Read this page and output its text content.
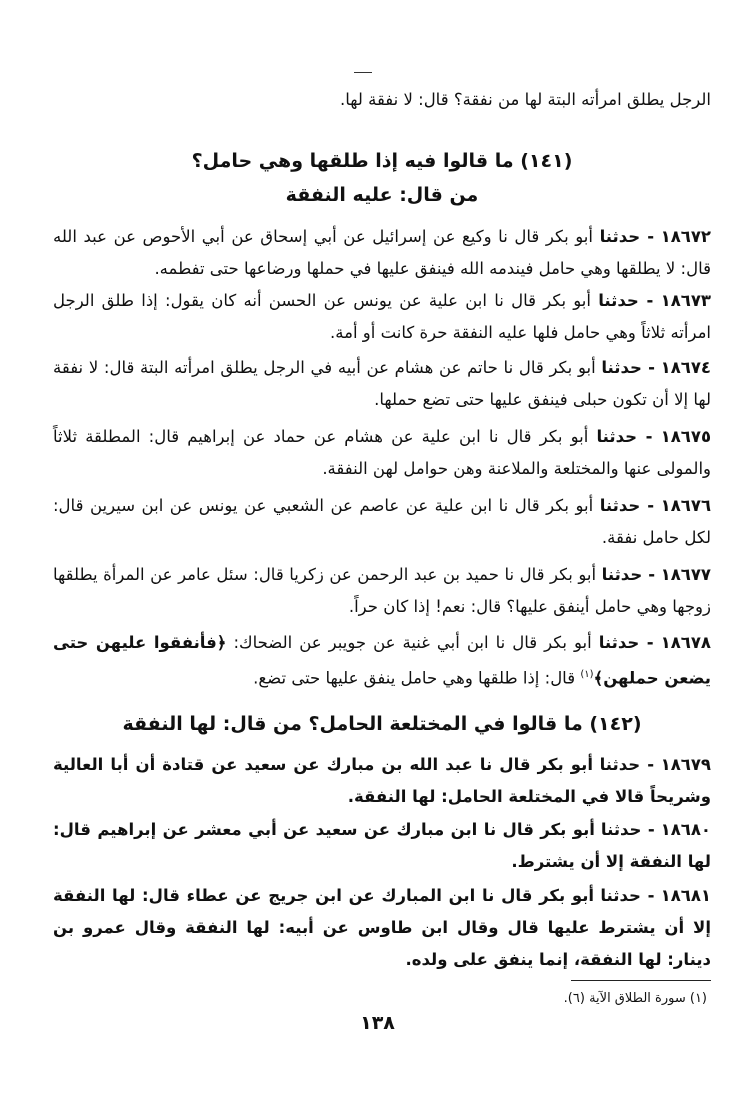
الرجل يطلق امرأته البتة لها من نفقة؟ قال: لا نفقة لها.
(١٤١) ما قالوا فيه إذا طلقها وهي حامل؟
من قال: عليه النفقة
١٨٦٧٢ - حدثنا أبو بكر قال نا وكيع عن إسرائيل عن أبي إسحاق عن أبي الأحوص عن عبد الله قال: لا يطلقها وهي حامل فيندمه الله فينفق عليها في حملها ورضاعها حتى تفطمه.
١٨٦٧٣ - حدثنا أبو بكر قال نا ابن علية عن يونس عن الحسن أنه كان يقول: إذا طلق الرجل امرأته ثلاثاً وهي حامل فلها عليه النفقة حرة كانت أو أمة.
١٨٦٧٤ - حدثنا أبو بكر قال نا حاتم عن هشام عن أبيه في الرجل يطلق امرأته البتة قال: لا نفقة لها إلا أن تكون حبلى فينفق عليها حتى تضع حملها.
١٨٦٧٥ - حدثنا أبو بكر قال نا ابن علية عن هشام عن حماد عن إبراهيم قال: المطلقة ثلاثاً والمولى عنها والمختلعة والملاعنة وهن حوامل لهن النفقة.
١٨٦٧٦ - حدثنا أبو بكر قال نا ابن علية عن عاصم عن الشعبي عن يونس عن ابن سيرين قال: لكل حامل نفقة.
١٨٦٧٧ - حدثنا أبو بكر قال نا حميد بن عبد الرحمن عن زكريا قال: سئل عامر عن المرأة يطلقها زوجها وهي حامل أينفق عليها؟ قال: نعم! إذا كان حراً.
١٨٦٧٨ - حدثنا أبو بكر قال نا ابن أبي غنية عن جويبر عن الضحاك: ﴿فأنفقوا عليهن حتى يضعن حملهن﴾$^{(١)}$ قال: إذا طلقها وهي حامل ينفق عليها حتى تضع.
(١٤٢) ما قالوا في المختلعة الحامل؟ من قال: لها النفقة
١٨٦٧٩ - حدثنا أبو بكر قال نا عبد الله بن مبارك عن سعيد عن قتادة أن أبا العالية وشريحاً قالا في المختلعة الحامل: لها النفقة.
١٨٦٨٠ - حدثنا أبو بكر قال نا ابن مبارك عن سعيد عن أبي معشر عن إبراهيم قال: لها النفقة إلا أن يشترط.
١٨٦٨١ - حدثنا أبو بكر قال نا ابن المبارك عن ابن جريج عن عطاء قال: لها النفقة إلا أن يشترط عليها قال وقال ابن طاوس عن أبيه: لها النفقة وقال عمرو بن دينار: لها النفقة، إنما ينفق على ولده.
(١) سورة الطلاق الآية (٦).
١٣٨
